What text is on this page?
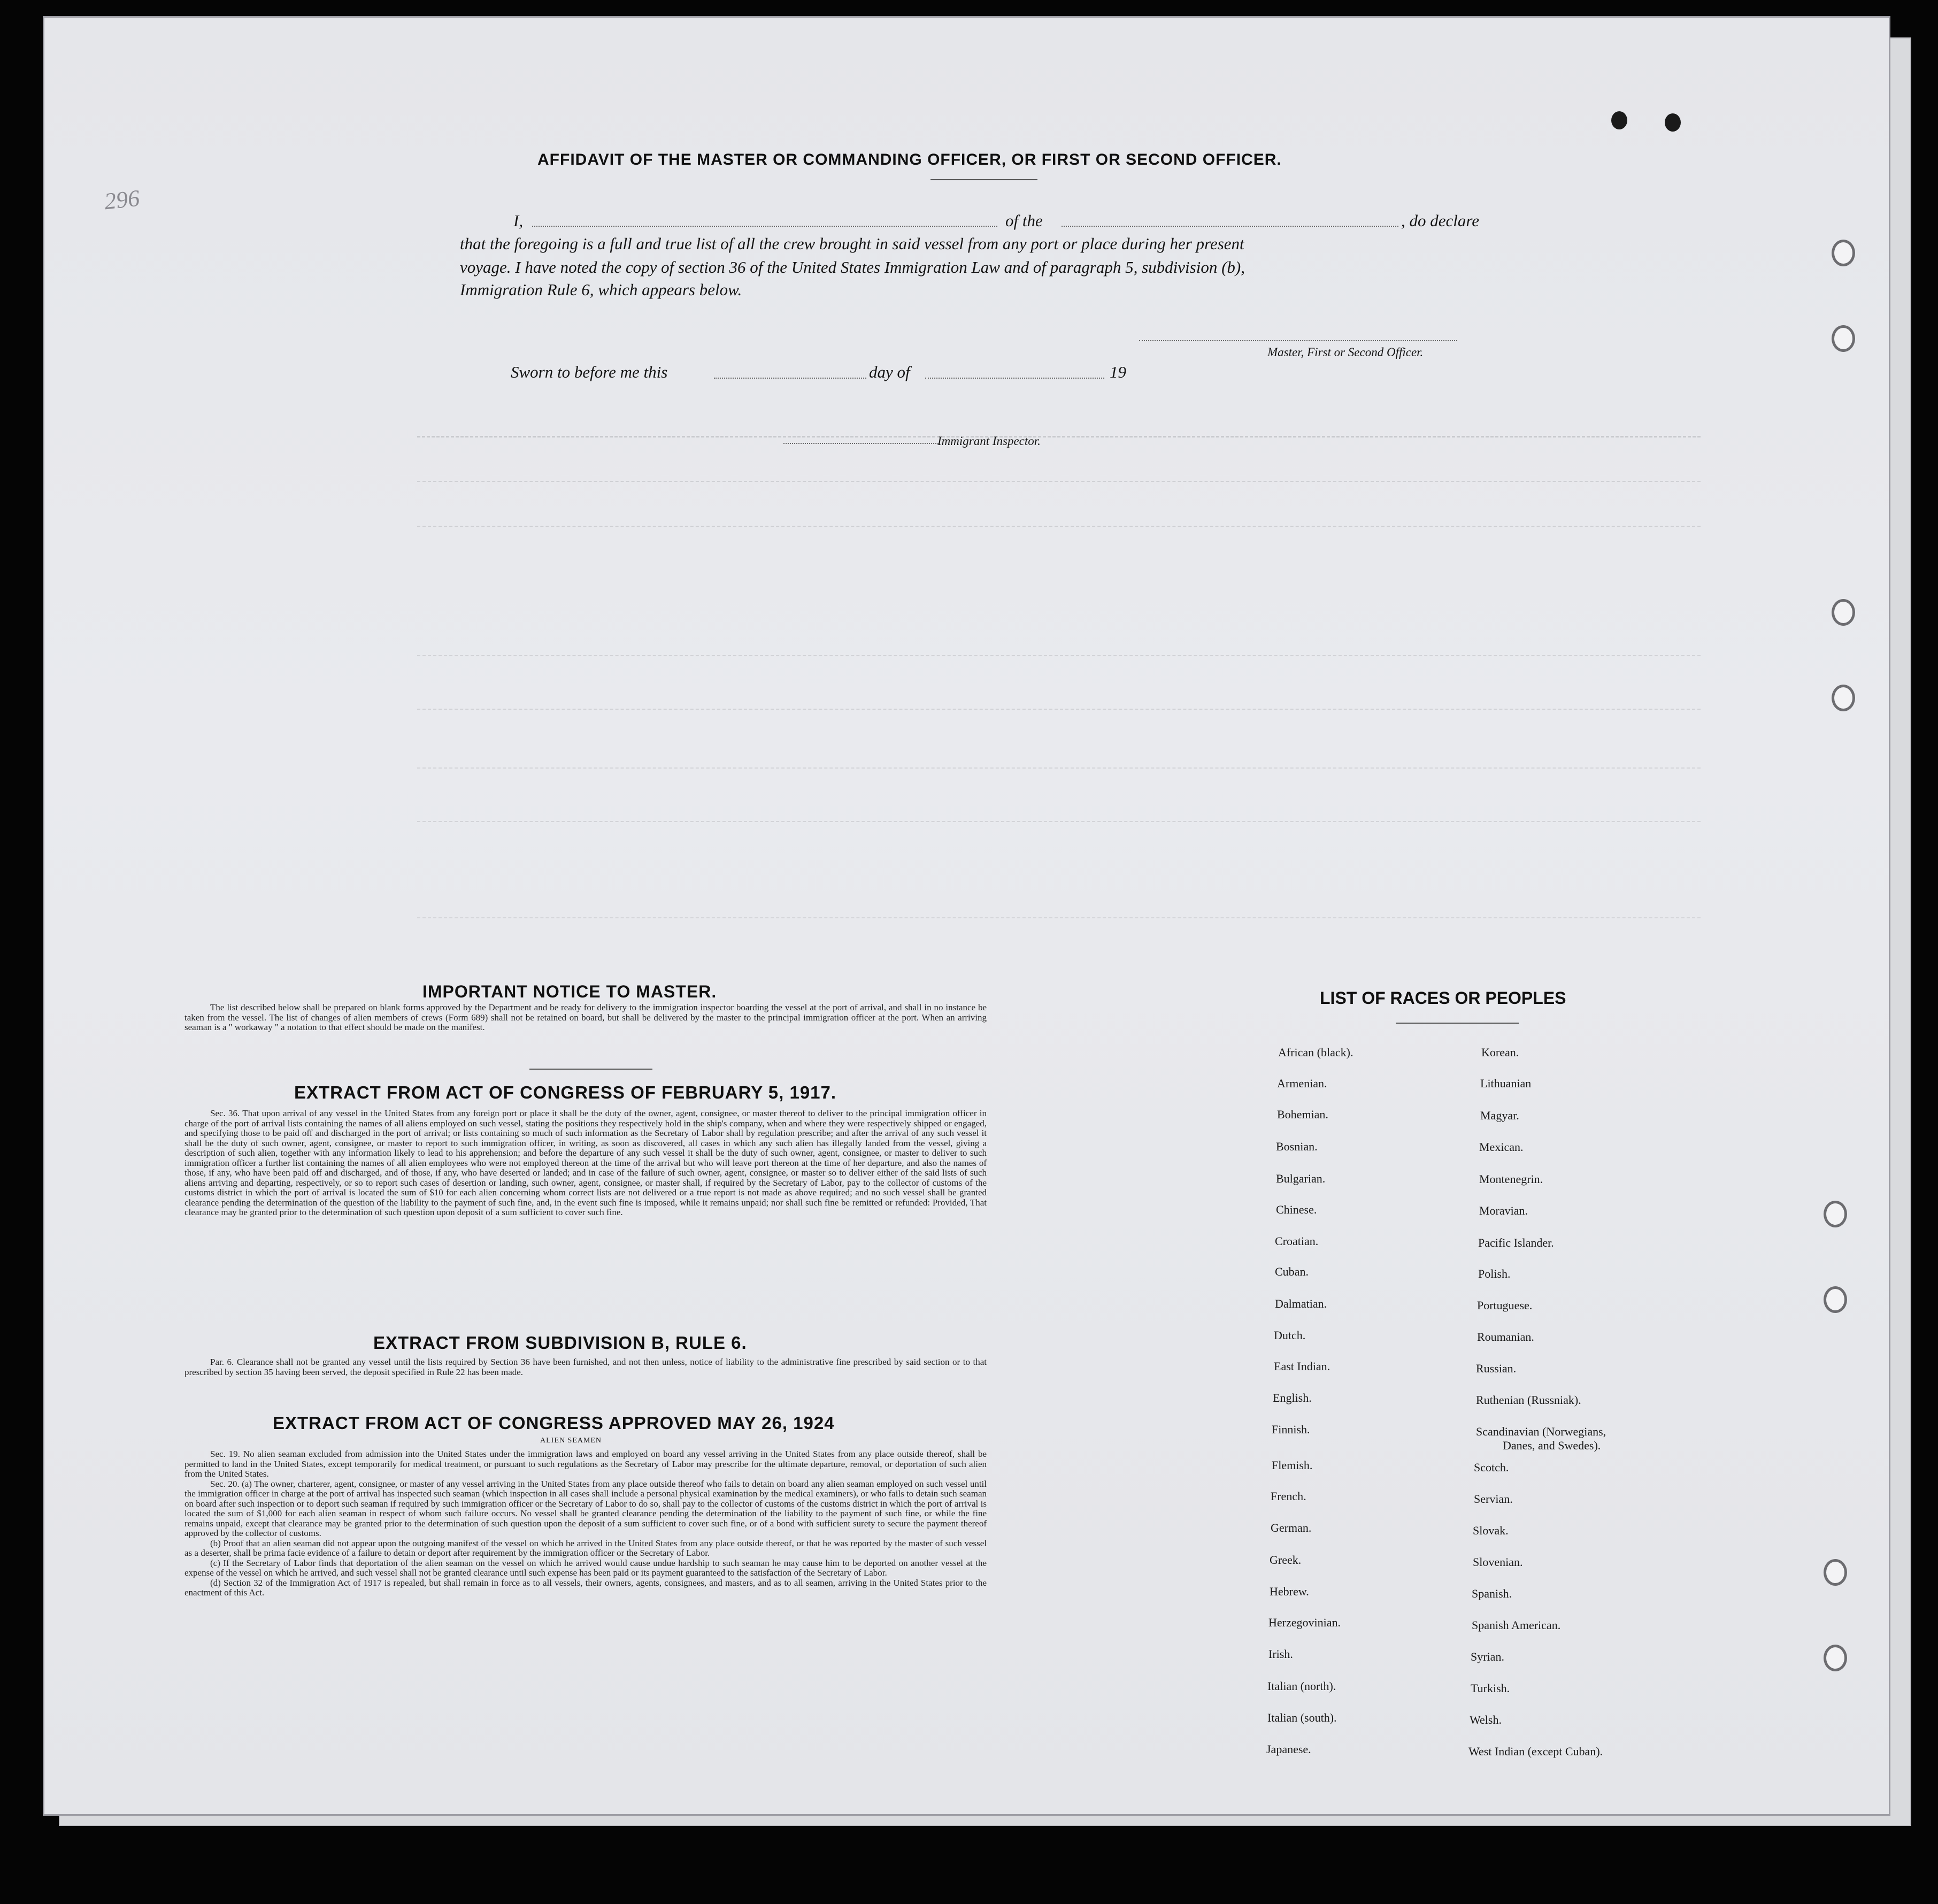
296
AFFIDAVIT OF THE MASTER OR COMMANDING OFFICER, OR FIRST OR SECOND OFFICER.
I,	of the	, do declare
that the foregoing is a full and true list of all the crew brought in said vessel from any port or place during her present
voyage. I have noted the copy of section 36 of the United States Immigration Law and of paragraph 5, subdivision (b),
Immigration Rule 6, which appears below.
Master, First or Second Officer.
Sworn to before me this	day of	19
Immigrant Inspector.
IMPORTANT NOTICE TO MASTER.

The list described below shall be prepared on blank forms approved by the Department and be ready for delivery to the immigration inspector boarding the vessel at the port of arrival, and shall in no instance be taken from the vessel. The list of changes of alien members of crews (Form 689) shall not be retained on board, but shall be delivered by the master to the principal immigration officer at the port. When an arriving seaman is a " workaway " a notation to that effect should be made on the manifest.

EXTRACT FROM ACT OF CONGRESS OF FEBRUARY 5, 1917.

Sec. 36. That upon arrival of any vessel in the United States from any foreign port or place it shall be the duty of the owner, agent, consignee, or master thereof to deliver to the principal immigration officer in charge of the port of arrival lists containing the names of all aliens employed on such vessel, stating the positions they respectively hold in the ship's company, when and where they were respectively shipped or engaged, and specifying those to be paid off and discharged in the port of arrival; or lists containing so much of such information as the Secretary of Labor shall by regulation prescribe; and after the arrival of any such vessel it shall be the duty of such owner, agent, consignee, or master to report to such immigration officer, in writing, as soon as discovered, all cases in which any such alien has illegally landed from the vessel, giving a description of such alien, together with any information likely to lead to his apprehension; and before the departure of any such vessel it shall be the duty of such owner, agent, consignee, or master to deliver to such immigration officer a further list containing the names of all alien employees who were not employed thereon at the time of the arrival but who will leave port thereon at the time of her departure, and also the names of those, if any, who have been paid off and discharged, and of those, if any, who have deserted or landed; and in case of the failure of such owner, agent, consignee, or master so to deliver either of the said lists of such aliens arriving and departing, respectively, or so to report such cases of desertion or landing, such owner, agent, consignee, or master shall, if required by the Secretary of Labor, pay to the collector of customs of the customs district in which the port of arrival is located the sum of $10 for each alien concerning whom correct lists are not delivered or a true report is not made as above required; and no such vessel shall be granted clearance pending the determination of the question of the liability to the payment of such fine, and, in the event such fine is imposed, while it remains unpaid; nor shall such fine be remitted or refunded: Provided, That clearance may be granted prior to the determination of such question upon deposit of a sum sufficient to cover such fine.

EXTRACT FROM SUBDIVISION B, RULE 6.

Par. 6. Clearance shall not be granted any vessel until the lists required by Section 36 have been furnished, and not then unless, notice of liability to the administrative fine prescribed by said section or to that prescribed by section 35 having been served, the deposit specified in Rule 22 has been made.

EXTRACT FROM ACT OF CONGRESS APPROVED MAY 26, 1924
ALIEN SEAMEN

Sec. 19. No alien seaman excluded from admission into the United States under the immigration laws and employed on board any vessel arriving in the United States from any place outside thereof, shall be permitted to land in the United States, except temporarily for medical treatment, or pursuant to such regulations as the Secretary of Labor may prescribe for the ultimate departure, removal, or deportation of such alien from the United States.

Sec. 20. (a) The owner, charterer, agent, consignee, or master of any vessel arriving in the United States from any place outside thereof who fails to detain on board any alien seaman employed on such vessel until the immigration officer in charge at the port of arrival has inspected such seaman (which inspection in all cases shall include a personal physical examination by the medical examiners), or who fails to detain such seaman on board after such inspection or to deport such seaman if required by such immigration officer or the Secretary of Labor to do so, shall pay to the collector of customs of the customs district in which the port of arrival is located the sum of $1,000 for each alien seaman in respect of whom such failure occurs. No vessel shall be granted clearance pending the determination of the liability to the payment of such fine, or while the fine remains unpaid, except that clearance may be granted prior to the determination of such question upon the deposit of a sum sufficient to cover such fine, or of a bond with sufficient surety to secure the payment thereof approved by the collector of customs.

(b) Proof that an alien seaman did not appear upon the outgoing manifest of the vessel on which he arrived in the United States from any place outside thereof, or that he was reported by the master of such vessel as a deserter, shall be prima facie evidence of a failure to detain or deport after requirement by the immigration officer or the Secretary of Labor.

(c) If the Secretary of Labor finds that deportation of the alien seaman on the vessel on which he arrived would cause undue hardship to such seaman he may cause him to be deported on another vessel at the expense of the vessel on which he arrived, and such vessel shall not be granted clearance until such expense has been paid or its payment guaranteed to the satisfaction of the Secretary of Labor.

(d) Section 32 of the Immigration Act of 1917 is repealed, but shall remain in force as to all vessels, their owners, agents, consignees, and masters, and as to all seamen, arriving in the United States prior to the enactment of this Act.

LIST OF RACES OR PEOPLES
African (black).
Armenian.
Bohemian.
Bosnian.
Bulgarian.
Chinese.
Croatian.
Cuban.
Dalmatian.
Dutch.
East Indian.
English.
Finnish.
Flemish.
French.
German.
Greek.
Hebrew.
Herzegovinian.
Irish.
Italian (north).
Italian (south).
Japanese.
Korean.
Lithuanian
Magyar.
Mexican.
Montenegrin.
Moravian.
Pacific Islander.
Polish.
Portuguese.
Roumanian.
Russian.
Ruthenian (Russniak).
Scandinavian (Norwegians,
Danes, and Swedes).
Scotch.
Servian.
Slovak.
Slovenian.
Spanish.
Spanish American.
Syrian.
Turkish.
Welsh.
West Indian (except Cuban).
